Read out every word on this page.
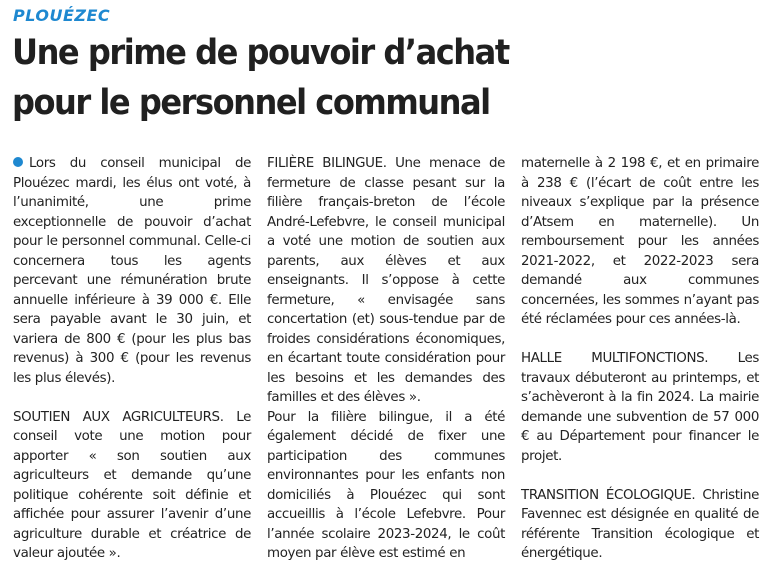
PLOUÉZEC
Une prime de pouvoir d’achat
pour le personnel communal

Lors du conseil municipal de Plouézec mardi, les élus ont voté, à l’unanimité, une prime exceptionnelle de pouvoir d’achat pour le personnel communal. Celle-ci concernera tous les agents percevant une rémunération brute annuelle inférieure à 39 000 €. Elle sera payable avant le 30 juin, et variera de 800 € (pour les plus bas revenus) à 300 € (pour les revenus les plus élevés).

SOUTIEN AUX AGRICULTEURS. Le conseil vote une motion pour apporter « son soutien aux agriculteurs et demande qu’une politique cohérente soit définie et affichée pour assurer l’avenir d’une agriculture durable et créatrice de valeur ajoutée ».

FILIÈRE BILINGUE. Une menace de fermeture de classe pesant sur la filière français-breton de l’école André-Lefebvre, le conseil municipal a voté une motion de soutien aux parents, aux élèves et aux enseignants. Il s’oppose à cette fermeture, « envisagée sans concertation (et) sous-tendue par de froides considérations économiques, en écartant toute considération pour les besoins et les demandes des familles et des élèves ».

Pour la filière bilingue, il a été également décidé de fixer une participation des communes environnantes pour les enfants non domiciliés à Plouézec qui sont accueillis à l’école Lefebvre. Pour l’année scolaire 2023-2024, le coût moyen par élève est estimé en

maternelle à 2 198 €, et en primaire à 238 € (l’écart de coût entre les niveaux s’explique par la présence d’Atsem en maternelle). Un remboursement pour les années 2021-2022, et 2022-2023 sera demandé aux communes concernées, les sommes n’ayant pas été réclamées pour ces années-là.

HALLE MULTIFONCTIONS. Les travaux débuteront au printemps, et s’achèveront à la fin 2024. La mairie demande une subvention de 57 000 € au Département pour financer le projet.

TRANSITION ÉCOLOGIQUE. Christine Favennec est désignée en qualité de référente Transition écologique et énergétique.
